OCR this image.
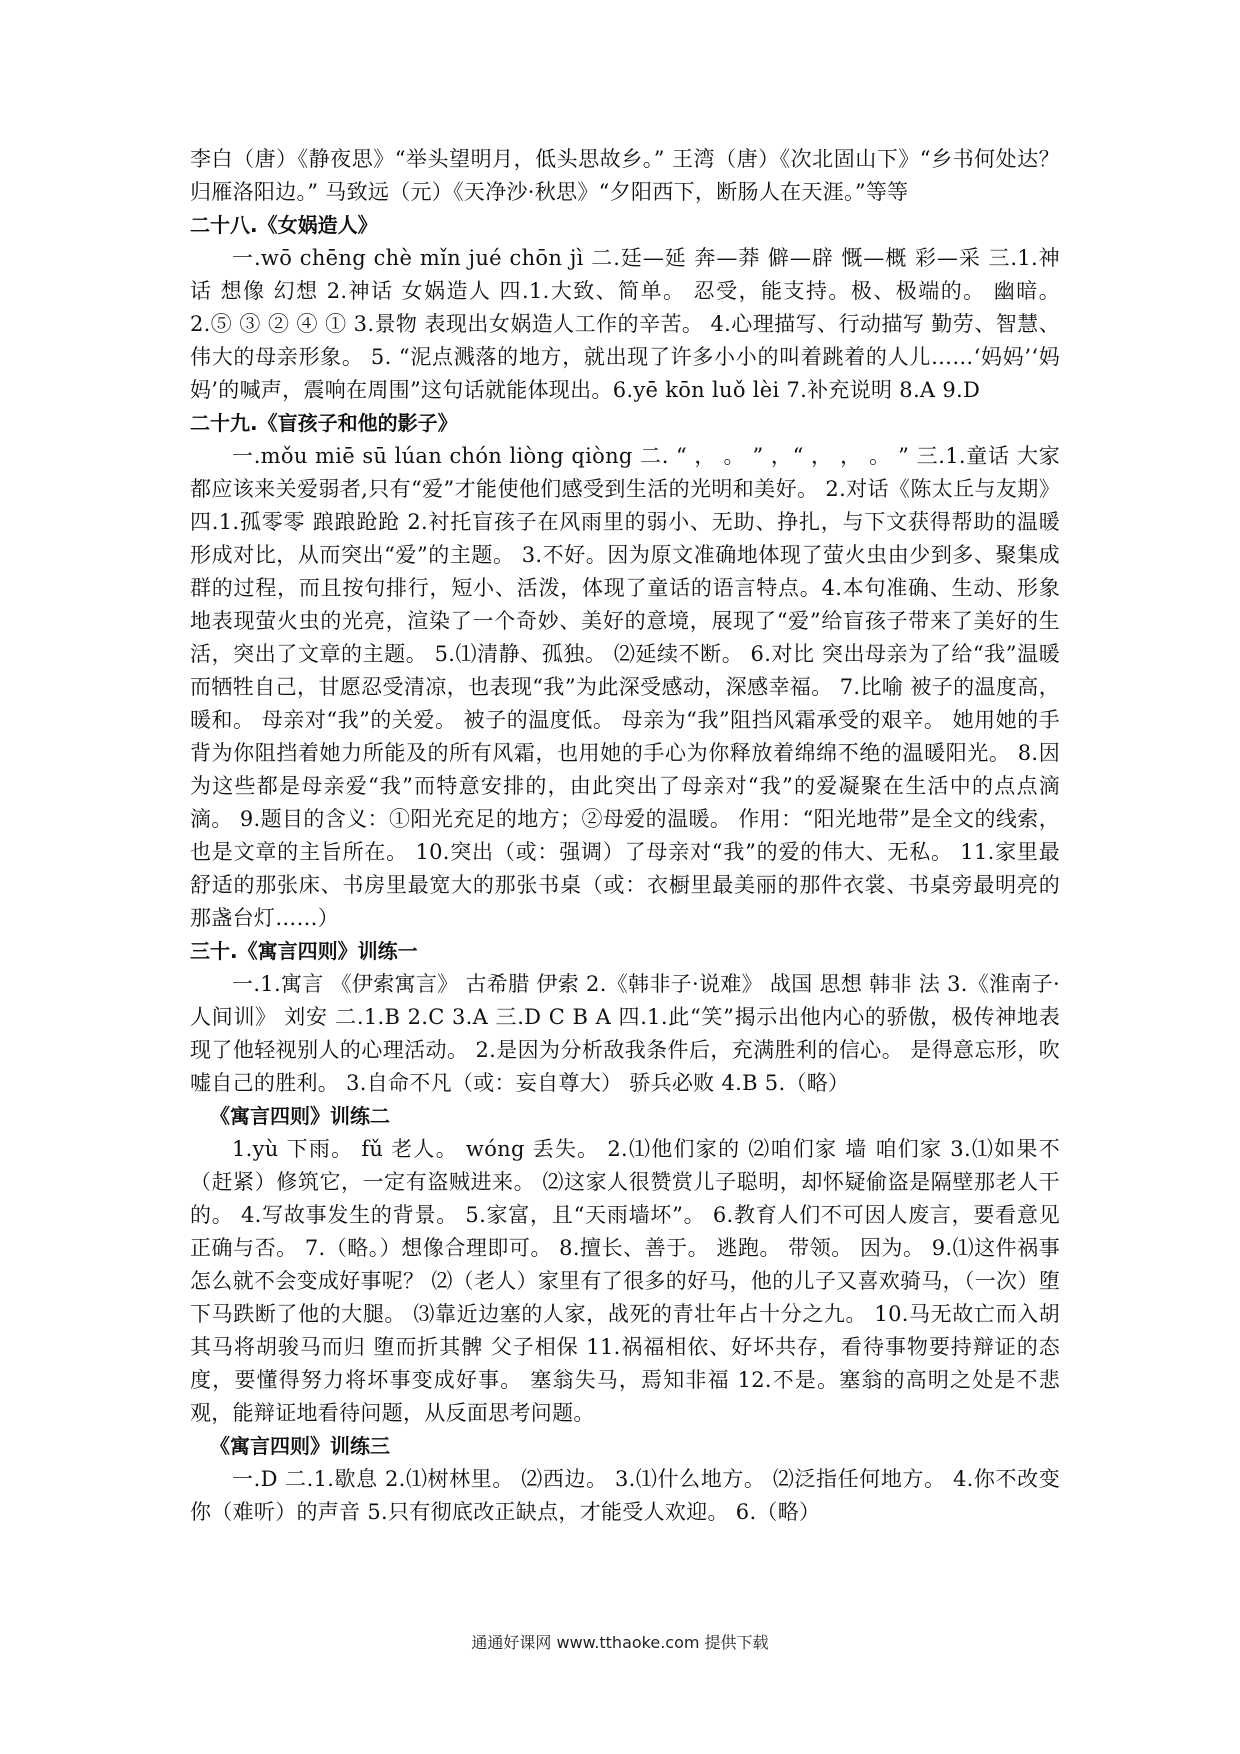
李白（唐）《静夜思》“举头望明月，低头思故乡。” 王湾（唐）《次北固山下》“乡书何处达？归雁洛阳边。” 马致远（元）《天净沙·秋思》“夕阳西下，断肠人在天涯。”等等

二十八.《女娲造人》

一.wō chēng chè mǐn jué chōn jì 二.廷—延 奔—莽 僻—辟 慨—概 彩—采 三.1.神话 想像 幻想 2.神话 女娲造人 四.1.大致、简单。 忍受，能支持。极、极端的。 幽暗。 2.⑤ ③ ② ④ ① 3.景物 表现出女娲造人工作的辛苦。 4.心理描写、行动描写 勤劳、智慧、伟大的母亲形象。 5. “泥点溅落的地方，就出现了许多小小的叫着跳着的人儿……‘妈妈’‘妈妈’的喊声，震响在周围”这句话就能体现出。6.yē kōn luǒ lèi 7.补充说明 8.A 9.D

二十九.《盲孩子和他的影子》

一.mǒu miē sū lúan chón liòng qiòng 二. “ ， 。 ” ，“ ， ， 。 ” 三.1.童话 大家都应该来关爱弱者,只有“爱”才能使他们感受到生活的光明和美好。 2.对话《陈太丘与友期》 四.1.孤零零 踉踉跄跄 2.衬托盲孩子在风雨里的弱小、无助、挣扎，与下文获得帮助的温暖形成对比，从而突出“爱”的主题。 3.不好。因为原文准确地体现了萤火虫由少到多、聚集成群的过程，而且按句排行，短小、活泼，体现了童话的语言特点。4.本句准确、生动、形象地表现萤火虫的光亮，渲染了一个奇妙、美好的意境，展现了“爱”给盲孩子带来了美好的生活，突出了文章的主题。 5.⑴清静、孤独。 ⑵延续不断。 6.对比 突出母亲为了给“我”温暖而牺牲自己，甘愿忍受清凉，也表现“我”为此深受感动，深感幸福。 7.比喻 被子的温度高，暖和。 母亲对“我”的关爱。 被子的温度低。 母亲为“我”阻挡风霜承受的艰辛。 她用她的手背为你阻挡着她力所能及的所有风霜，也用她的手心为你释放着绵绵不绝的温暖阳光。 8.因为这些都是母亲爱“我”而特意安排的，由此突出了母亲对“我”的爱凝聚在生活中的点点滴滴。 9.题目的含义：①阳光充足的地方；②母爱的温暖。 作用：“阳光地带”是全文的线索，也是文章的主旨所在。 10.突出（或：强调）了母亲对“我”的爱的伟大、无私。 11.家里最舒适的那张床、书房里最宽大的那张书桌（或：衣橱里最美丽的那件衣裳、书桌旁最明亮的那盏台灯……）

三十.《寓言四则》训练一

一.1.寓言 《伊索寓言》 古希腊 伊索 2.《韩非子·说难》 战国 思想 韩非 法 3.《淮南子·人间训》 刘安 二.1.B 2.C 3.A 三.D C B A 四.1.此“笑”揭示出他内心的骄傲，极传神地表现了他轻视别人的心理活动。 2.是因为分析敌我条件后，充满胜利的信心。 是得意忘形，吹嘘自己的胜利。 3.自命不凡（或：妄自尊大） 骄兵必败 4.B 5.（略）

《寓言四则》训练二

1.yù 下雨。 fǔ 老人。 wóng 丢失。 2.⑴他们家的 ⑵咱们家 墙 咱们家 3.⑴如果不（赶紧）修筑它，一定有盗贼进来。 ⑵这家人很赞赏儿子聪明，却怀疑偷盗是隔壁那老人干的。 4.写故事发生的背景。 5.家富，且“天雨墙坏”。 6.教育人们不可因人废言，要看意见正确与否。 7.（略。）想像合理即可。 8.擅长、善于。 逃跑。 带领。 因为。 9.⑴这件祸事怎么就不会变成好事呢？ ⑵（老人）家里有了很多的好马，他的儿子又喜欢骑马，（一次）堕下马跌断了他的大腿。 ⑶靠近边塞的人家，战死的青壮年占十分之九。 10.马无故亡而入胡 其马将胡骏马而归 堕而折其髀 父子相保 11.祸福相依、好坏共存，看待事物要持辩证的态度，要懂得努力将坏事变成好事。 塞翁失马，焉知非福 12.不是。塞翁的高明之处是不悲观，能辩证地看待问题，从反面思考问题。

《寓言四则》训练三

一.D 二.1.歇息 2.⑴树林里。 ⑵西边。 3.⑴什么地方。 ⑵泛指任何地方。 4.你不改变你（难听）的声音 5.只有彻底改正缺点，才能受人欢迎。 6.（略）

通通好课网 www.tthaoke.com 提供下载
